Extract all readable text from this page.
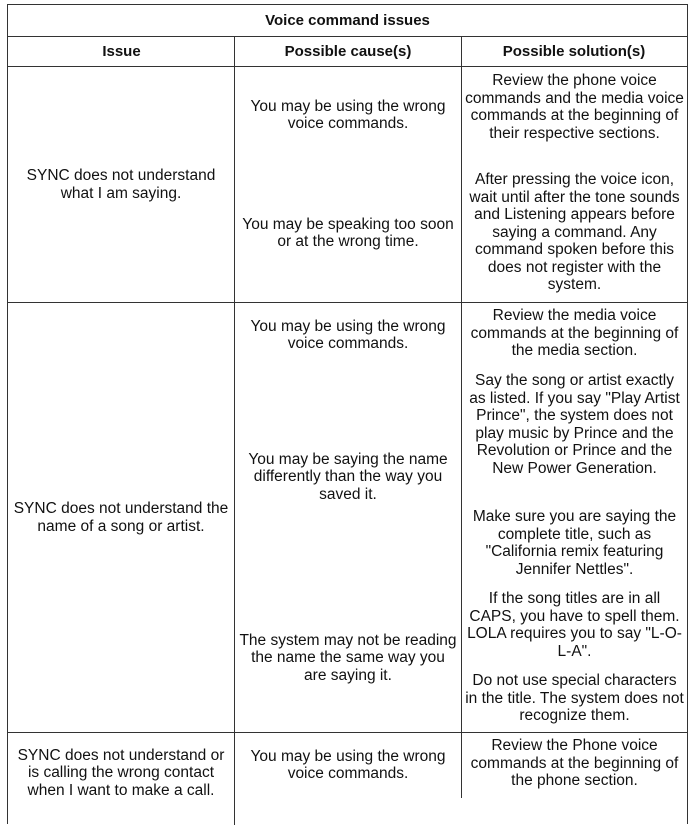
Voice command issues
Issue	Possible cause(s)	Possible solution(s)
SYNC does not understand what I am saying.
You may be using the wrong voice commands.
You may be speaking too soon or at the wrong time.
Review the phone voice commands and the media voice commands at the beginning of their respective sections.
After pressing the voice icon, wait until after the tone sounds and Listening appears before saying a command. Any command spoken before this does not register with the system.
SYNC does not understand the name of a song or artist.
You may be using the wrong voice commands.
You may be saying the name differently than the way you saved it.
The system may not be reading the name the same way you are saying it.
Review the media voice commands at the beginning of the media section.
Say the song or artist exactly as listed. If you say "Play Artist Prince", the system does not play music by Prince and the Revolution or Prince and the New Power Generation.
Make sure you are saying the complete title, such as "California remix featuring Jennifer Nettles".
If the song titles are in all CAPS, you have to spell them. LOLA requires you to say "L-O-L-A".
Do not use special characters in the title. The system does not recognize them.
SYNC does not understand or is calling the wrong contact when I want to make a call.
You may be using the wrong voice commands.
Review the Phone voice commands at the beginning of the phone section.
